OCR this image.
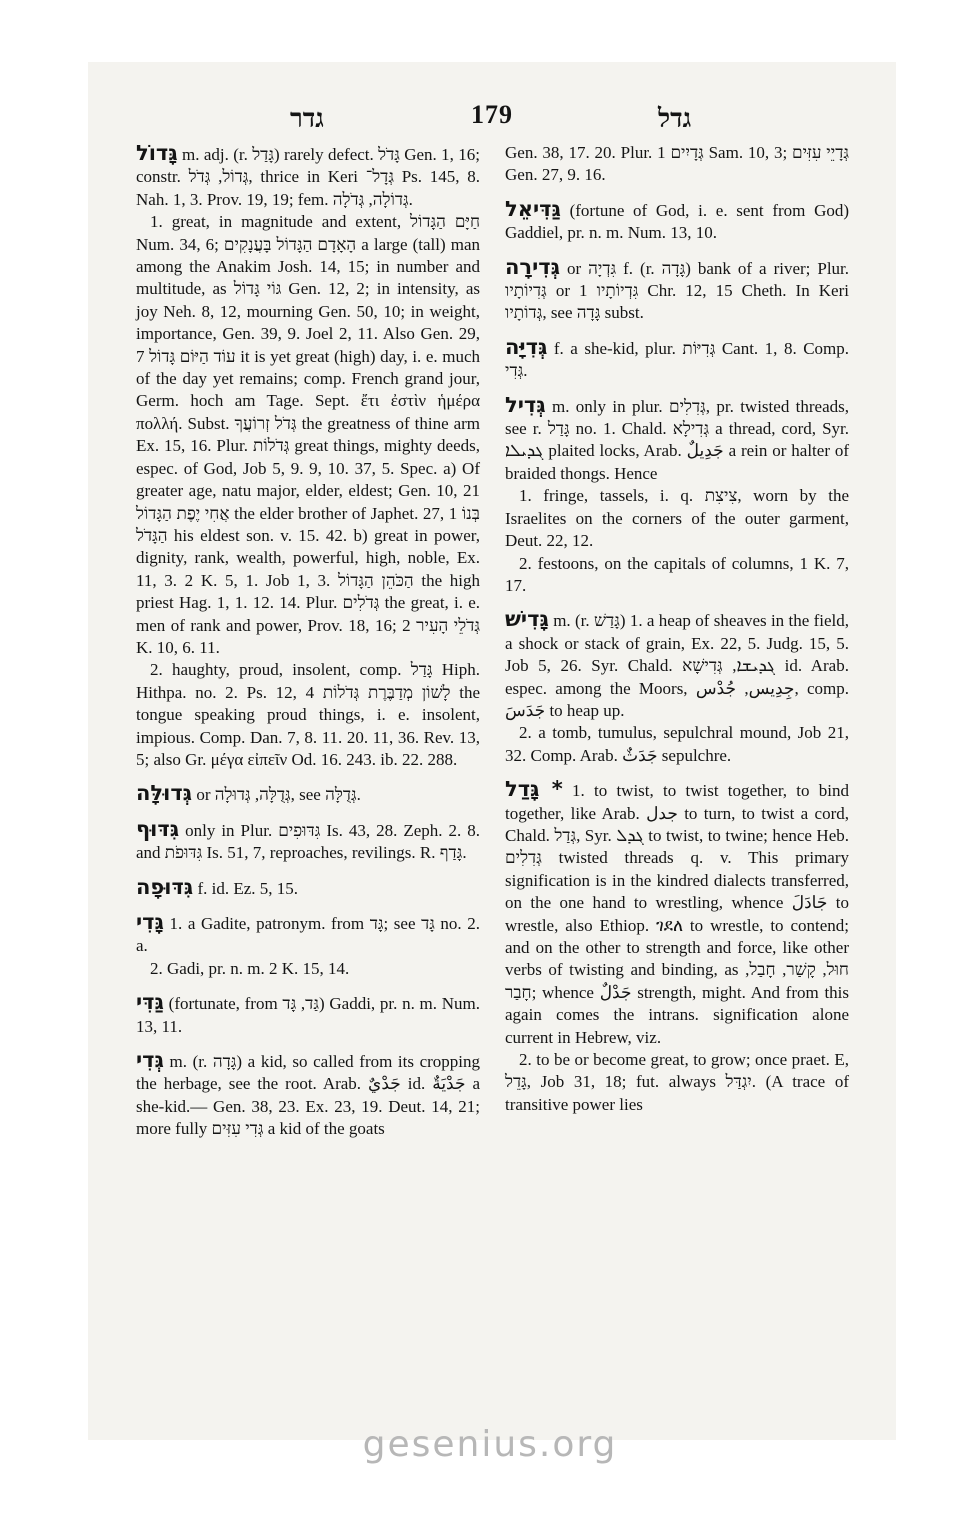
גדר	179	גדל

גָּדוֹל m. adj. (r. גָּדַל) rarely defect. גָּדֹל Gen. 1, 16; constr. גְּדוֹל, גְּדֹל, thrice in Keri גְּדָל־ Ps. 145, 8. Nah. 1, 3. Prov. 19, 19; fem. גְּדוֹלָה, גְּדֹלָה.

1. great, in magnitude and extent, חַיָּם הַגָּדוֹל Num. 34, 6; הָאָדָם הַגָּדוֹל בָּעֲנָקִים a large (tall) man among the Anakim Josh. 14, 15; in number and multitude, as גּוֹי גָּדוֹל Gen. 12, 2; in intensity, as joy Neh. 8, 12, mourning Gen. 50, 10; in weight, importance, Gen. 39, 9. Joel 2, 11. Also Gen. 29, 7 עוֹד הַיּוֹם גָּדוֹל it is yet great (high) day, i. e. much of the day yet remains; comp. French grand jour, Germ. hoch am Tage. Sept. ἔτι ἐστὶν ἡμέρα πολλή. Subst. גְּדֹל זְרוֹעֲךָ the greatness of thine arm Ex. 15, 16. Plur. גְּדֹלוֹת great things, mighty deeds, espec. of God, Job 5, 9. 9, 10. 37, 5. Spec. a) Of greater age, natu major, elder, eldest; Gen. 10, 21 אֲחִי יֶפֶת הַגָּדוֹל the elder brother of Japhet. 27, 1 בְּנוֹ הַגָּדֹל his eldest son. v. 15. 42. b) great in power, dignity, rank, wealth, powerful, high, noble, Ex. 11, 3. 2 K. 5, 1. Job 1, 3. הַכֹּהֵן הַגָּדוֹל the high priest Hag. 1, 1. 12. 14. Plur. גְּדֹלִים the great, i. e. men of rank and power, Prov. 18, 16; גְּדֹלֵי הָעִיר 2 K. 10, 6. 11.

2. haughty, proud, insolent, comp. גָּדַל Hiph. Hithpa. no. 2. Ps. 12, 4 לָשׁוֹן מְדַבֶּרֶת גְּדֹלוֹת the tongue speaking proud things, i. e. insolent, impious. Comp. Dan. 7, 8. 11. 20. 11, 36. Rev. 13, 5; also Gr. μέγα εἰπεῖν Od. 16. 243. ib. 22. 288.

גְּדוּלָּה or גְּדֻלָּה, גְּדוּלָה, see גְּדֻלָּה.

גִּדּוּף only in Plur. גִּדּוּפִים Is. 43, 28. Zeph. 2. 8. and גִּדּוּפֹת Is. 51, 7, reproaches, revilings. R. גָּדַף.

גִּדּוּפָה f. id. Ez. 5, 15.

גָּדִי 1. a Gadite, patronym. from גָּד; see גָּד no. 2. a.

2. Gadi, pr. n. m. 2 K. 15, 14.

גַּדִּי (fortunate, from גַּד, גָּד) Gaddi, pr. n. m. Num. 13, 11.

גְּדִי m. (r. גָּדָה) a kid, so called from its cropping the herbage, see the root. Arab. جَدْيٌ id. جَدْيَةٌ a she-kid.— Gen. 38, 23. Ex. 23, 19. Deut. 14, 21; more fully גְּדִי עִזִּים a kid of the goats

Gen. 38, 17. 20. Plur. גְּדָיִים 1 Sam. 10, 3; גְּדָיֵי עִזִּים Gen. 27, 9. 16.

גַּדִּיאֵל (fortune of God, i. e. sent from God) Gaddiel, pr. n. m. Num. 13, 10.

גְּדִירָה or גִּדְיָה f. (r. גָּדָה) bank of a river; Plur. גְּדִיוֹתָיו or גִּדְיוֹתָיו 1 Chr. 12, 15 Cheth. In Keri גְּדוֹתָיו, see גָּדָה subst.

גְּדִיָּה f. a she-kid, plur. גְּדִיּוֹת Cant. 1, 8. Comp. גְּדִי.

גְּדִיל m. only in plur. גְּדִלִים, pr. twisted threads, see r. גָּדַל no. 1. Chald. גְּדִילָא a thread, cord, Syr. ܓܕܝܠܐ plaited locks, Arab. جَدِيلٌ a rein or halter of braided thongs. Hence

1. fringe, tassels, i. q. צִיצִת, worn by the Israelites on the corners of the outer garment, Deut. 22, 12.

2. festoons, on the capitals of columns, 1 K. 7, 17.

גָּדִישׁ m. (r. גָּדַשׁ) 1. a heap of sheaves in the field, a shock or stack of grain, Ex. 22, 5. Judg. 15, 5. Job 5, 26. Syr. Chald. ܓܕܝܫܐ, גְּדִישָׁא id. Arab. espec. among the Moors, جِدِيس, جُدْس, comp. جَدَسَ to heap up.

2. a tomb, tumulus, sepulchral mound, Job 21, 32. Comp. Arab. جَدَثٌ sepulchre.

* גָּדַל 1. to twist, to twist together, to bind together, like Arab. جدل to turn, to twist a cord, Chald. גְּדַל, Syr. ܓܕܠ to twist, to twine; hence Heb. גְּדִלִים twisted threads q. v. This primary signification is in the kindred dialects transferred, on the one hand to wrestling, whence جَادَلَ to wrestle, also Ethiop. ገደለ to wrestle, to contend; and on the other to strength and force, like other verbs of twisting and binding, as חוּל, קָשַׁר, חָבַל, חָבַר; whence جَدْلٌ strength, might. And from this again comes the intrans. signification alone current in Hebrew, viz.

2. to be or become great, to grow; once praet. E, גָּדֵל, Job 31, 18; fut. always יִגְדַּל. (A trace of transitive power lies

gesenius.org
